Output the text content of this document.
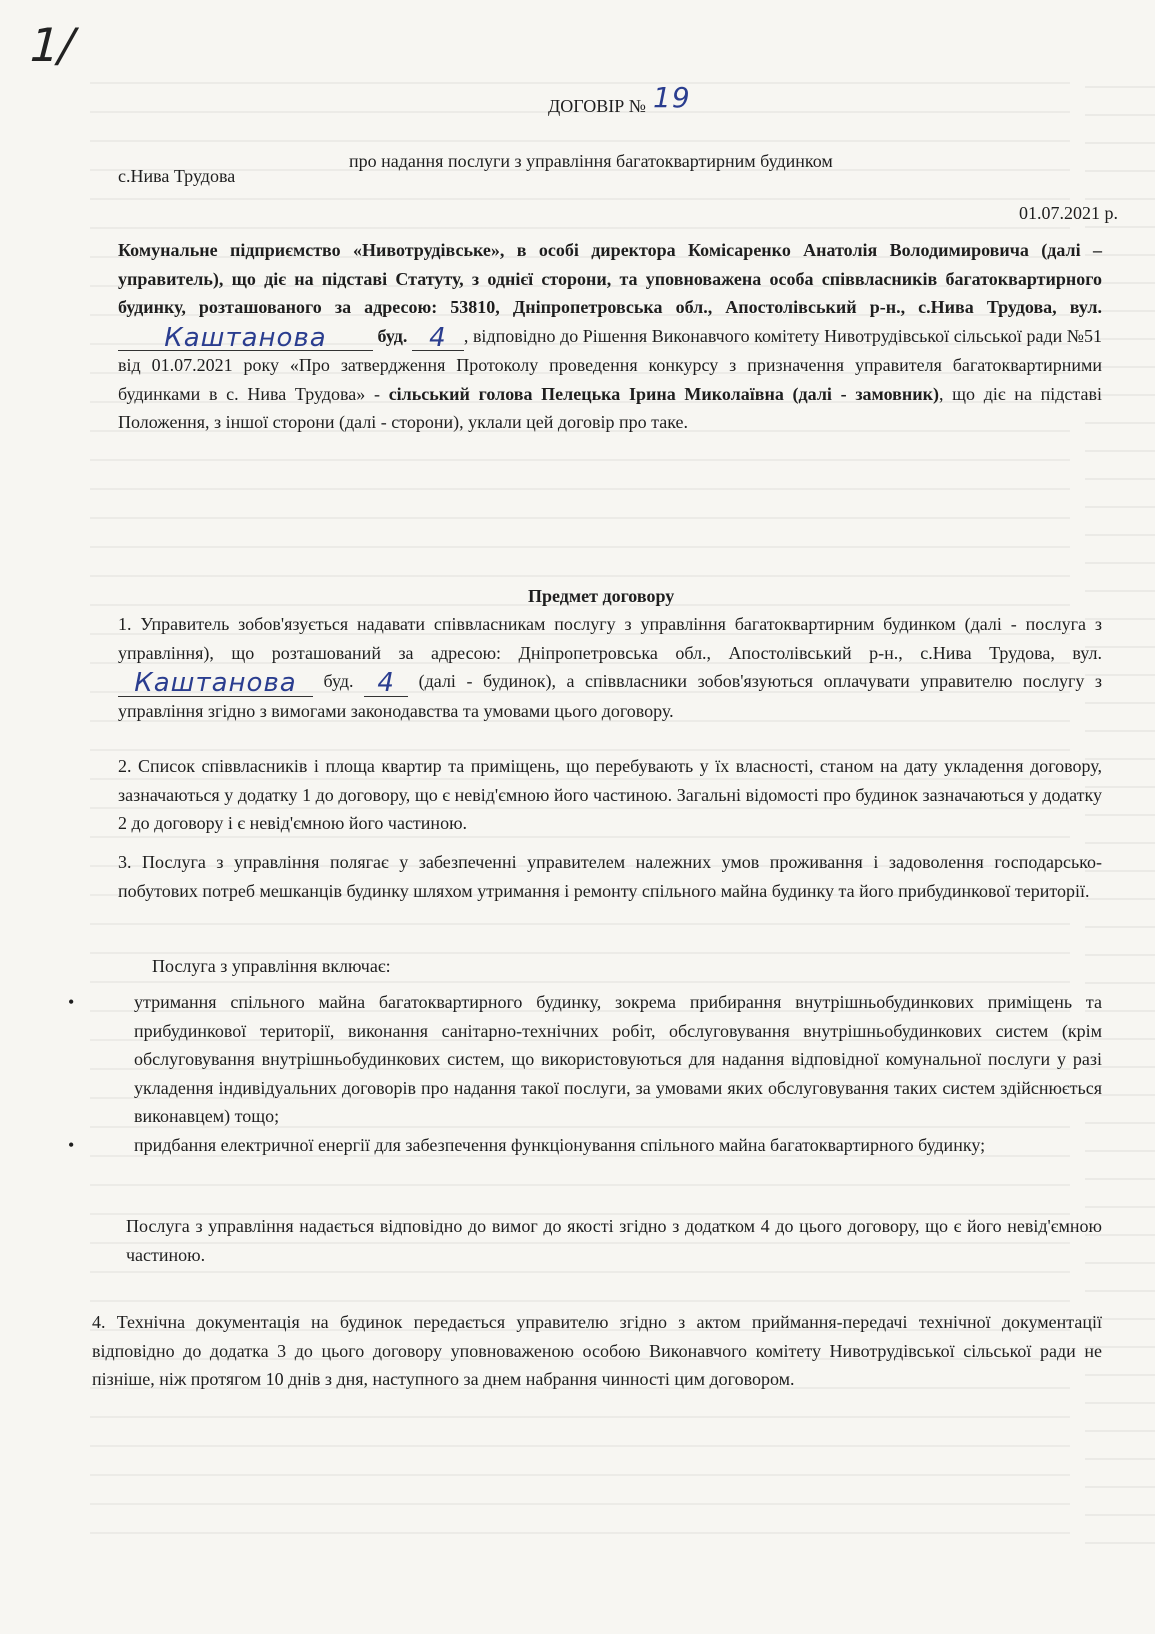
1/
ДОГОВІР № 19
про надання послуги з управління багатоквартирним будинком
с.Нива Трудова
01.07.2021 р.
Комунальне підприємство «Нивотрудівське», в особі директора Комісаренко Анатолія Володимировича (далі – управитель), що діє на підставі Статуту, з однієї сторони, та уповноважена особа співвласників багатоквартирного будинку, розташованого за адресою: 53810, Дніпропетровська обл., Апостолівський р-н., с.Нива Трудова, вул.
Каштанова	буд. 4 , відповідно до Рішення Виконавчого комітету Нивотрудівської сільської ради №51 від 01.07.2021 року «Про затвердження Протоколу проведення конкурсу з призначення управителя багатоквартирними будинками в с. Нива Трудова» - сільський голова Пелецька Ірина Миколаївна (далі - замовник), що діє на підставі Положення, з іншої сторони (далі - сторони), уклали цей договір про таке.
Предмет договору
1. Управитель зобов'язується надавати співвласникам послугу з управління багатоквартирним будинком (далі - послуга з управління), що розташований за адресою: Дніпропетровська обл., Апостолівський р-н., с.Нива Трудова, вул.
Каштанова	буд. 4	(далі - будинок), а співвласники зобов'язуються оплачувати управителю послугу з управління згідно з вимогами законодавства та умовами цього договору.
2. Список співвласників і площа квартир та приміщень, що перебувають у їх власності, станом на дату укладення договору, зазначаються у додатку 1 до договору, що є невід'ємною його частиною. Загальні відомості про будинок зазначаються у додатку 2 до договору і є невід'ємною його частиною.
3. Послуга з управління полягає у забезпеченні управителем належних умов проживання і задоволення господарсько-побутових потреб мешканців будинку шляхом утримання і ремонту спільного майна будинку та його прибудинкової території.
Послуга з управління включає:
• утримання спільного майна багатоквартирного будинку, зокрема прибирання внутрішньобудинкових приміщень та прибудинкової території, виконання санітарно-технічних робіт, обслуговування внутрішньобудинкових систем (крім обслуговування внутрішньобудинкових систем, що використовуються для надання відповідної комунальної послуги у разі укладення індивідуальних договорів про надання такої послуги, за умовами яких обслуговування таких систем здійснюється виконавцем) тощо;
• придбання електричної енергії для забезпечення функціонування спільного майна багатоквартирного будинку;
Послуга з управління надається відповідно до вимог до якості згідно з додатком 4 до цього договору, що є його невід'ємною частиною.
4. Технічна документація на будинок передається управителю згідно з актом приймання-передачі технічної документації відповідно до додатка 3 до цього договору уповноваженою особою Виконавчого комітету Нивотрудівської сільської ради не пізніше, ніж протягом 10 днів з дня, наступного за днем набрання чинності цим договором.
